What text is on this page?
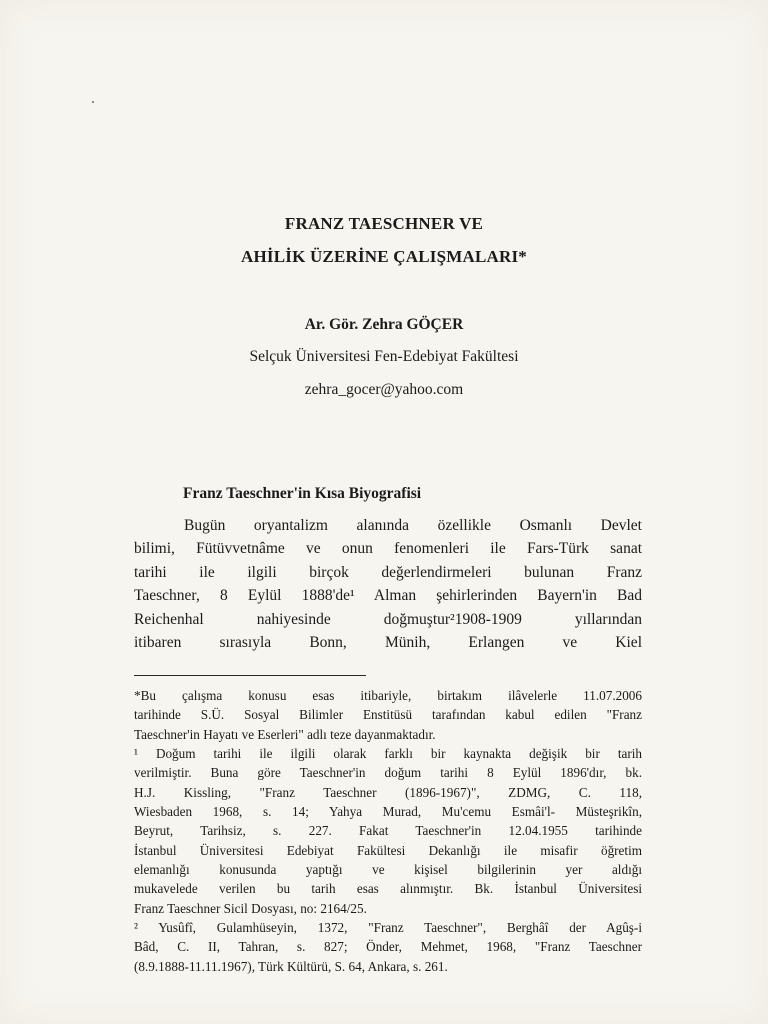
FRANZ TAESCHNER VE
AHİLİK ÜZERİNE ÇALIŞMALARI*
Ar. Gör. Zehra GÖÇER
Selçuk Üniversitesi Fen-Edebiyat Fakültesi
zehra_gocer@yahoo.com
Franz Taeschner'in Kısa Biyografisi
Bugün oryantalizm alanında özellikle Osmanlı Devlet
bilimi, Fütüvvetnâme ve onun fenomenleri ile Fars-Türk sanat
tarihi ile ilgili birçok değerlendirmeleri bulunan Franz
Taeschner, 8 Eylül 1888'de¹ Alman şehirlerinden Bayern'in Bad
Reichenhal nahiyesinde doğmuştur²1908-1909 yıllarından
itibaren sırasıyla Bonn, Münih, Erlangen ve Kiel
*Bu çalışma konusu esas itibariyle, birtakım ilâvelerle 11.07.2006
tarihinde S.Ü. Sosyal Bilimler Enstitüsü tarafından kabul edilen "Franz
Taeschner'in Hayatı ve Eserleri" adlı teze dayanmaktadır.
¹ Doğum tarihi ile ilgili olarak farklı bir kaynakta değişik bir tarih
verilmiştir. Buna göre Taeschner'in doğum tarihi 8 Eylül 1896'dır, bk.
H.J. Kissling, "Franz Taeschner (1896-1967)", ZDMG, C. 118,
Wiesbaden 1968, s. 14; Yahya Murad, Mu'cemu Esmâi'l- Müsteşrikîn,
Beyrut, Tarihsiz, s. 227. Fakat Taeschner'in 12.04.1955 tarihinde
İstanbul Üniversitesi Edebiyat Fakültesi Dekanlığı ile misafir öğretim
elemanlığı konusunda yaptığı ve kişisel bilgilerinin yer aldığı
mukavelede verilen bu tarih esas alınmıştır. Bk. İstanbul Üniversitesi
Franz Taeschner Sicil Dosyası, no: 2164/25.
² Yusûfî, Gulamhüseyin, 1372, "Franz Taeschner", Berghâî der Agûş-i
Bâd, C. II, Tahran, s. 827; Önder, Mehmet, 1968, "Franz Taeschner
(8.9.1888-11.11.1967), Türk Kültürü, S. 64, Ankara, s. 261.
